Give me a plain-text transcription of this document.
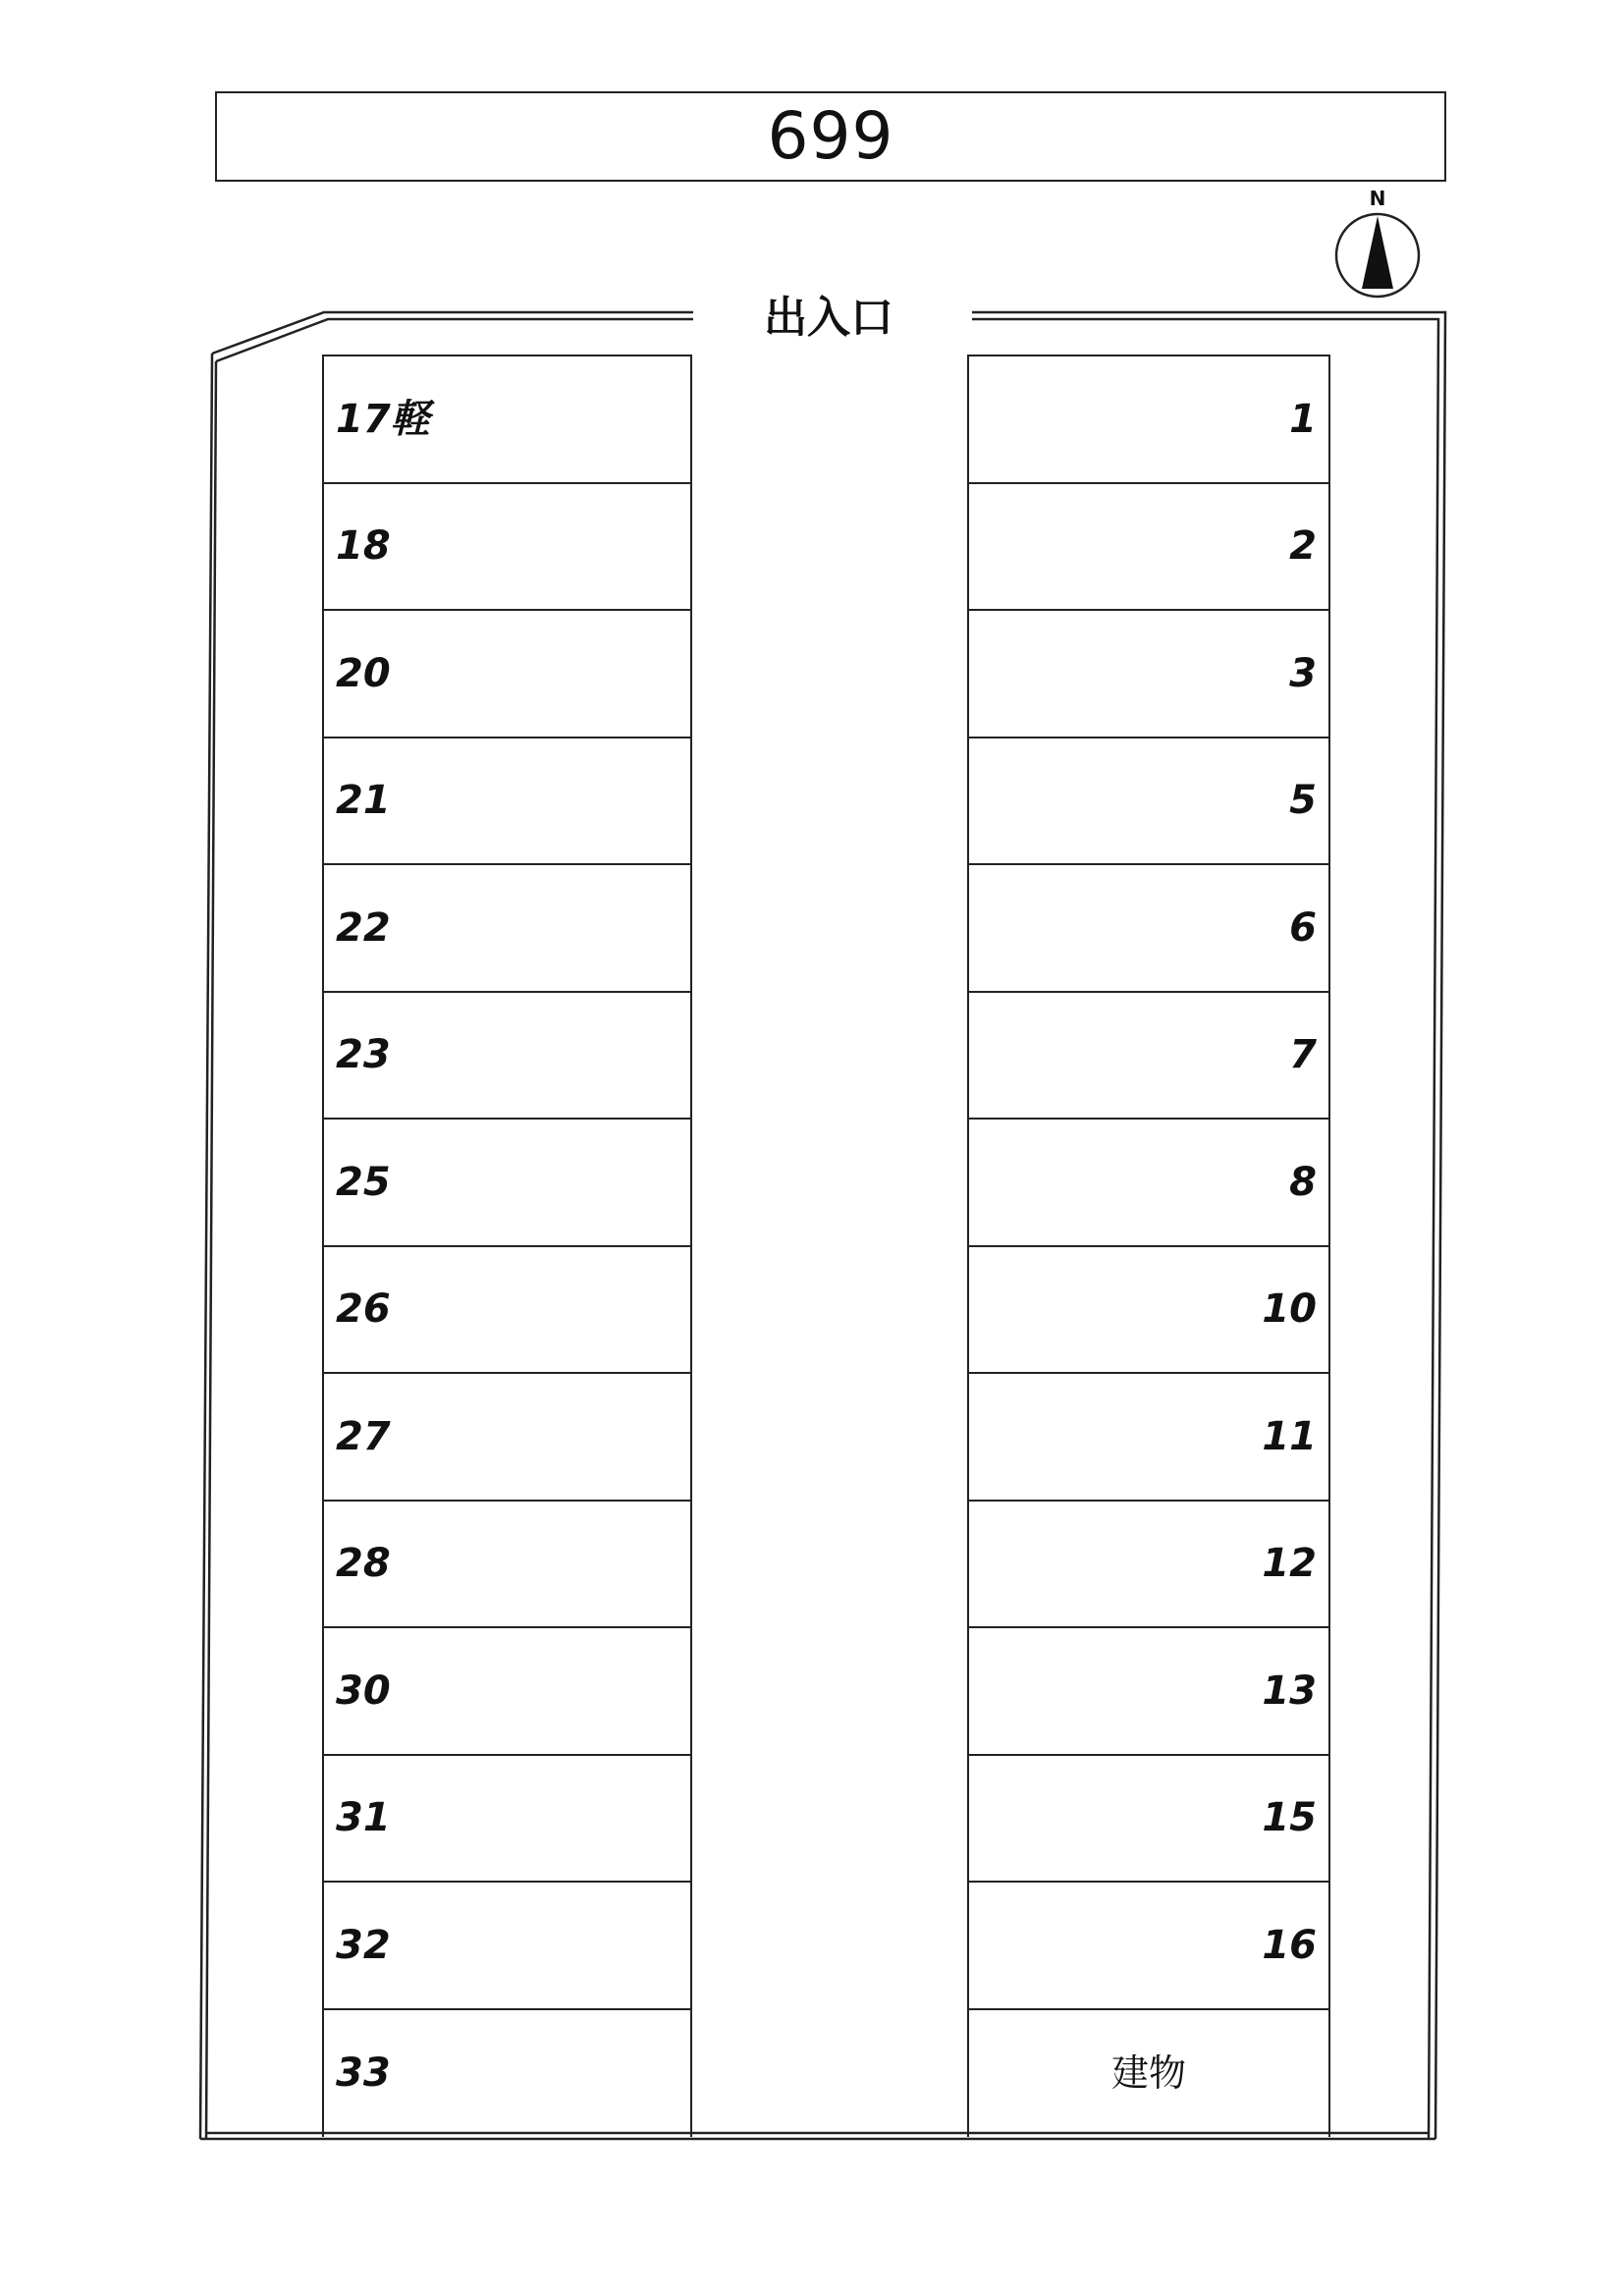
699
N
出入口
17軽
18
20
21
22
23
25
26
27
28
30
31
32
33
1
2
3
5
6
7
8
10
11
12
13
15
16
建物
